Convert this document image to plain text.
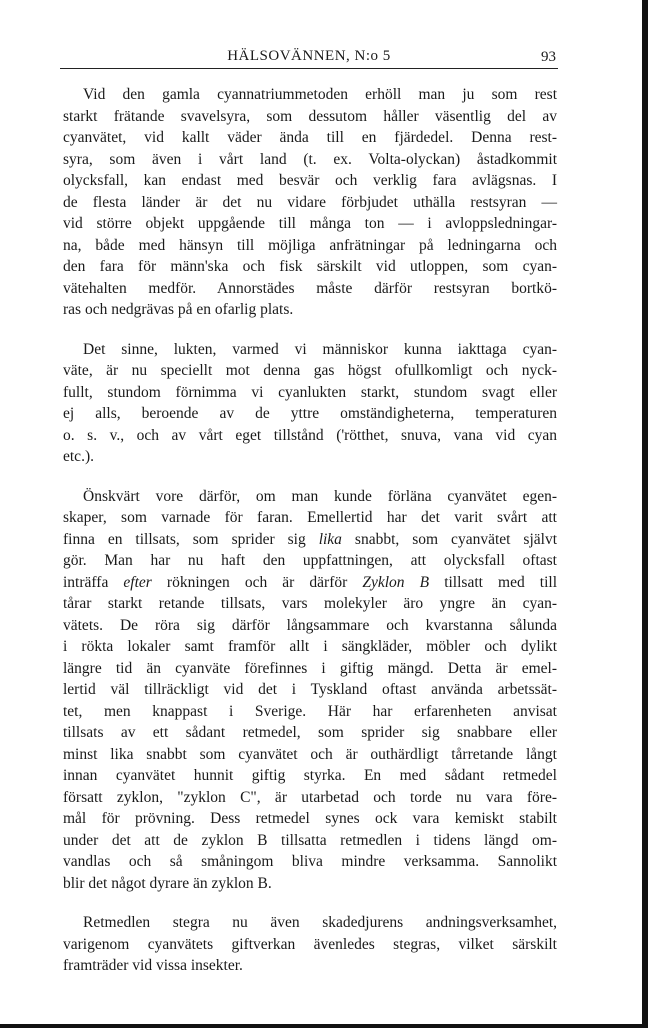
HÄLSOVÄNNEN, N:o 5	93
Vid den gamla cyannatriummetoden erhöll man ju som rest
starkt frätande svavelsyra, som dessutom håller väsentlig del av
cyanvätet, vid kallt väder ända till en fjärdedel. Denna rest-
syra, som även i vårt land (t. ex. Volta-olyckan) åstadkommit
olycksfall, kan endast med besvär och verklig fara avlägsnas. I
de flesta länder är det nu vidare förbjudet uthälla restsyran —
vid större objekt uppgående till många ton — i avloppsledningar-
na, både med hänsyn till möjliga anfrätningar på ledningarna och
den fara för männ'ska och fisk särskilt vid utloppen, som cyan-
vätehalten medför. Annorstädes måste därför restsyran bortkö-
ras och nedgrävas på en ofarlig plats.
Det sinne, lukten, varmed vi människor kunna iakttaga cyan-
väte, är nu speciellt mot denna gas högst ofullkomligt och nyck-
fullt, stundom förnimma vi cyanlukten starkt, stundom svagt eller
ej alls, beroende av de yttre omständigheterna, temperaturen
o. s. v., och av vårt eget tillstånd ('rötthet, snuva, vana vid cyan
etc.).
Önskvärt vore därför, om man kunde förläna cyanvätet egen-
skaper, som varnade för faran. Emellertid har det varit svårt att
finna en tillsats, som sprider sig likа snabbt, som cyanvätet självt
gör. Man har nu haft den uppfattningen, att olycksfall oftast
inträffa efter rökningen och är därför Zyklon B tillsatt med till
tårar starkt retande tillsats, vars molekyler äro yngre än cyan-
vätets. De röra sig därför långsammare och kvarstanna sålunda
i rökta lokaler samt framför allt i sängkläder, möbler och dylikt
längre tid än cyanväte förefinnes i giftig mängd. Detta är emel-
lertid väl tillräckligt vid det i Tyskland oftast använda arbetssät-
tet, men knappast i Sverige. Här har erfarenheten anvisat
tillsats av ett sådant retmedel, som sprider sig snabbare eller
minst lika snabbt som cyanvätet och är outhärdligt tårretande långt
innan cyanvätet hunnit giftig styrka. En med sådant retmedel
försatt zyklon, "zyklon C", är utarbetad och torde nu vara före-
mål för prövning. Dess retmedel synes ock vara kemiskt stabilt
under det att de zyklon B tillsatta retmedlen i tidens längd om-
vandlas och så småningom bliva mindre verksamma. Sannolikt
blir det något dyrare än zyklon B.
Retmedlen stegra nu även skadedjurens andningsverksamhet,
varigenom cyanvätets giftverkan ävenledes stegras, vilket särskilt
framträder vid vissa insekter.
